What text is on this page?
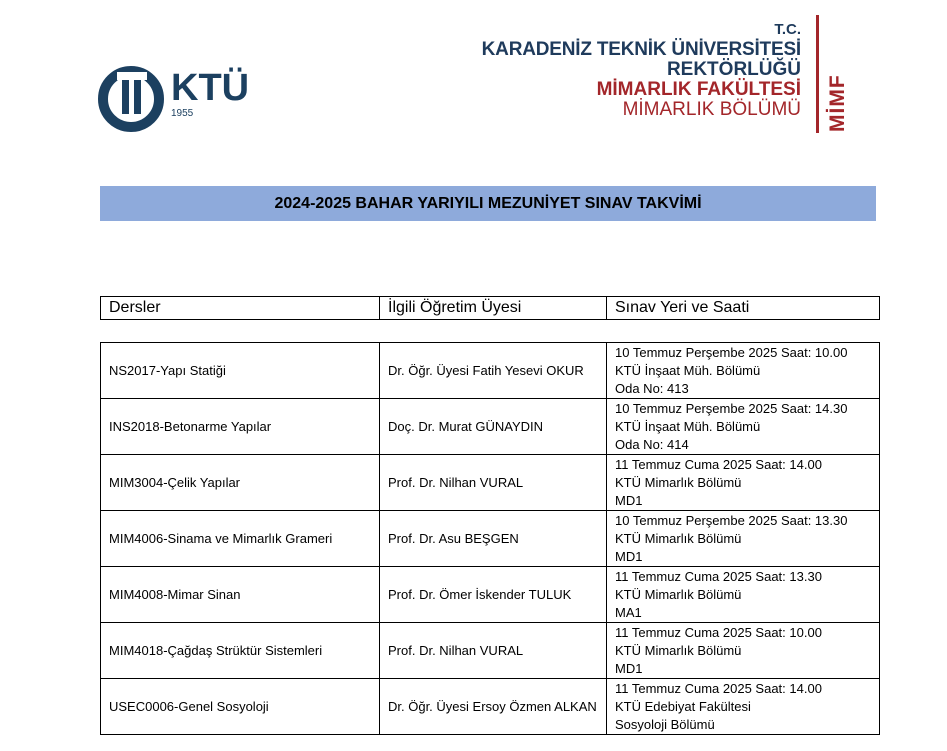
KTÜ
1955
T.C.
KARADENİZ TEKNİK ÜNİVERSİTESİ
REKTÖRLÜĞÜ
MİMARLIK FAKÜLTESİ
MİMARLIK BÖLÜMÜ MİMF
2024-2025 BAHAR YARIYILI MEZUNİYET SINAV TAKVİMİ
Dersler	İlgili Öğretim Üyesi	Sınav Yeri ve Saati
NS2017-Yapı Statiği	Dr. Öğr. Üyesi Fatih Yesevi OKUR	10 Temmuz Perşembe 2025 Saat: 10.00
KTÜ İnşaat Müh. Bölümü
Oda No: 413

INS2018-Betonarme Yapılar	Doç. Dr. Murat GÜNAYDIN	10 Temmuz Perşembe 2025 Saat: 14.30
KTÜ İnşaat Müh. Bölümü
Oda No: 414

MIM3004-Çelik Yapılar	Prof. Dr. Nilhan VURAL	11 Temmuz Cuma 2025 Saat: 14.00
KTÜ Mimarlık Bölümü
MD1

MIM4006-Sinama ve Mimarlık Grameri	Prof. Dr. Asu BEŞGEN	10 Temmuz Perşembe 2025 Saat: 13.30
KTÜ Mimarlık Bölümü
MD1

MIM4008-Mimar Sinan	Prof. Dr. Ömer İskender TULUK	11 Temmuz Cuma 2025 Saat: 13.30
KTÜ Mimarlık Bölümü
MA1

MIM4018-Çağdaş Strüktür Sistemleri	Prof. Dr. Nilhan VURAL	11 Temmuz Cuma 2025 Saat: 10.00
KTÜ Mimarlık Bölümü
MD1

USEC0006-Genel Sosyoloji	Dr. Öğr. Üyesi Ersoy Özmen ALKAN	11 Temmuz Cuma 2025 Saat: 14.00
KTÜ Edebiyat Fakültesi
Sosyoloji Bölümü
